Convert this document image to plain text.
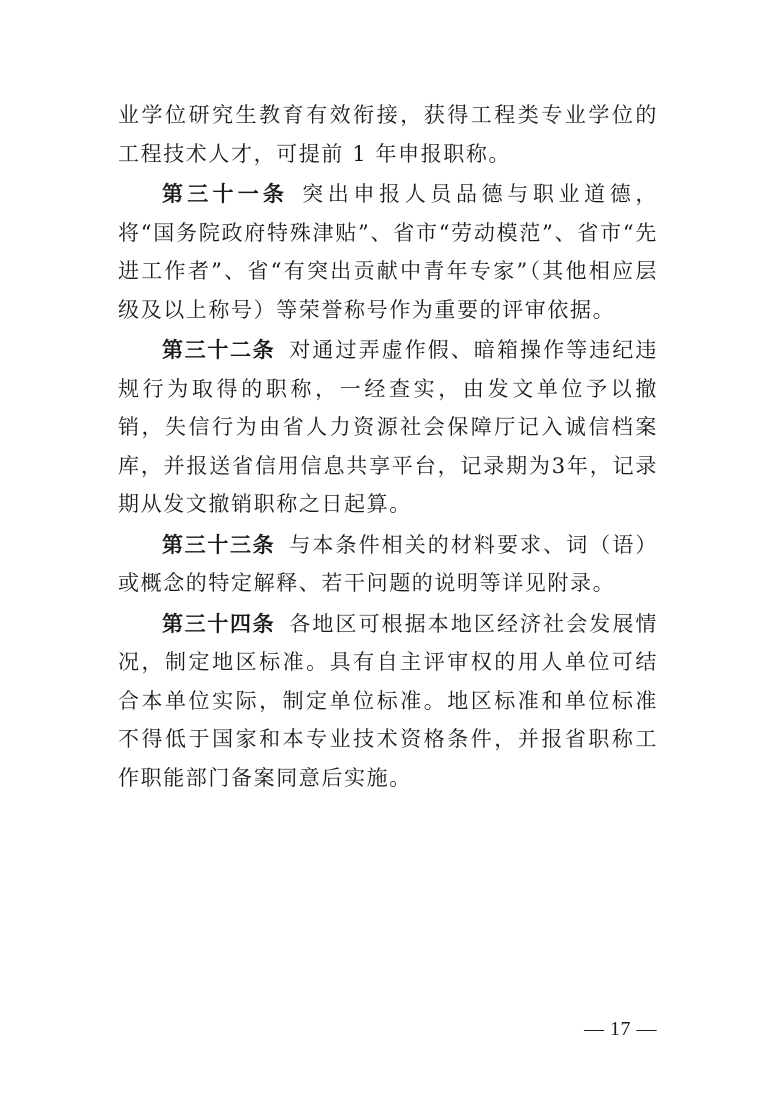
业学位研究生教育有效衔接，获得工程类专业学位的工程技术人才，可提前 1 年申报职称。

第三十一条 突出申报人员品德与职业道德，将“国务院政府特殊津贴”、省市“劳动模范”、省市“先进工作者”、省“有突出贡献中青年专家”（其他相应层级及以上称号）等荣誉称号作为重要的评审依据。

第三十二条 对通过弄虚作假、暗箱操作等违纪违规行为取得的职称，一经查实，由发文单位予以撤销，失信行为由省人力资源社会保障厅记入诚信档案库，并报送省信用信息共享平台，记录期为3年，记录期从发文撤销职称之日起算。

第三十三条 与本条件相关的材料要求、词（语）或概念的特定解释、若干问题的说明等详见附录。

第三十四条 各地区可根据本地区经济社会发展情况，制定地区标准。具有自主评审权的用人单位可结合本单位实际，制定单位标准。地区标准和单位标准不得低于国家和本专业技术资格条件，并报省职称工作职能部门备案同意后实施。

— 17 —
